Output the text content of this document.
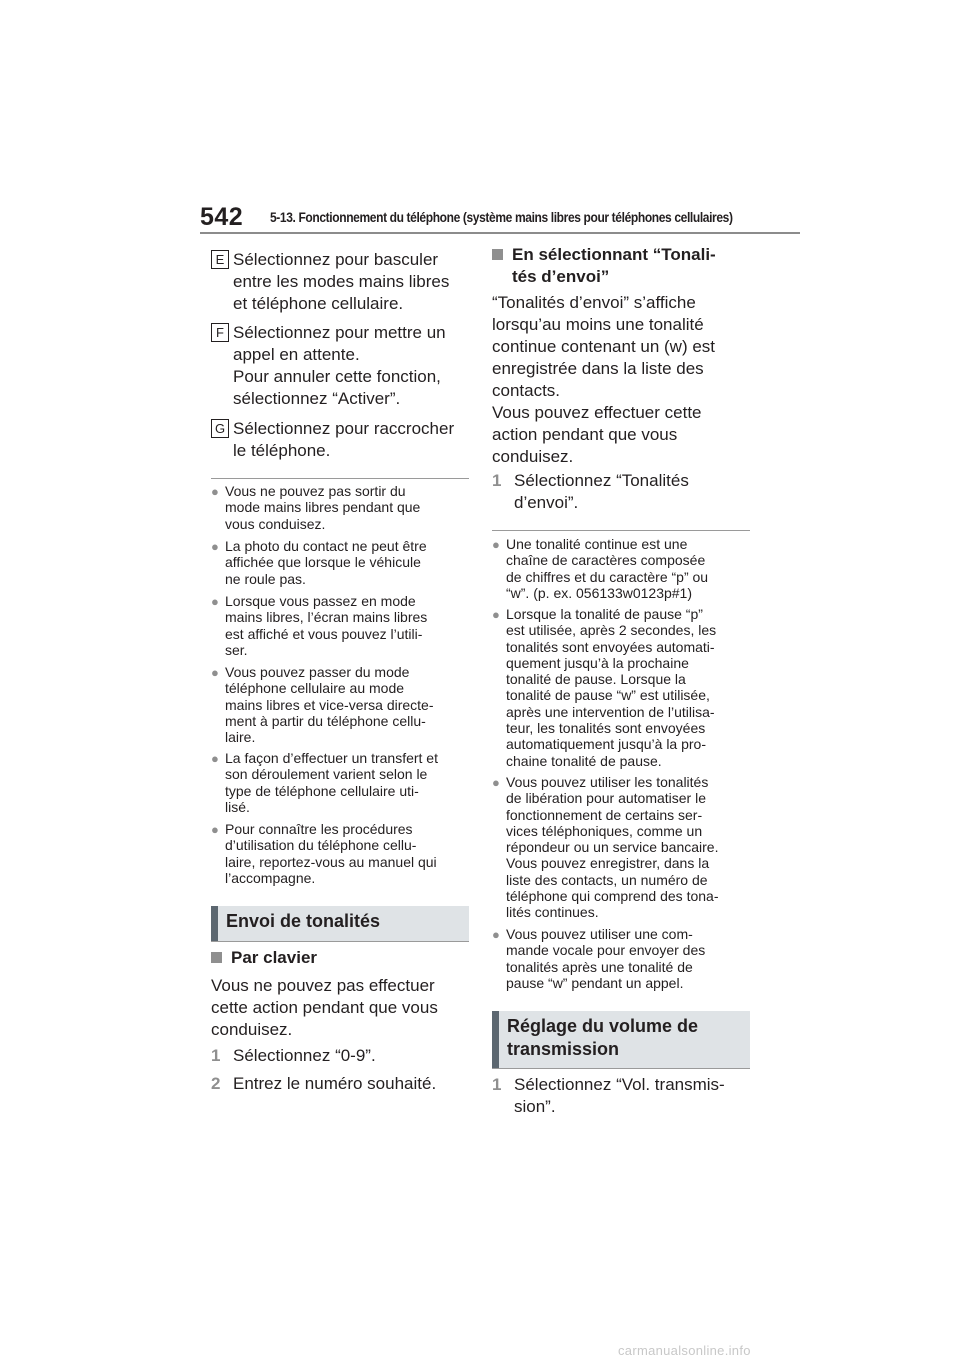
542 5-13. Fonctionnement du téléphone (système mains libres pour téléphones cellulaires)
E Sélectionnez pour basculer
entre les modes mains libres
et téléphone cellulaire.
F Sélectionnez pour mettre un
appel en attente.
Pour annuler cette fonction,
sélectionnez “Activer”.
G Sélectionnez pour raccrocher
le téléphone.
● Vous ne pouvez pas sortir du
mode mains libres pendant que
vous conduisez.
● La photo du contact ne peut être
affichée que lorsque le véhicule
ne roule pas.
● Lorsque vous passez en mode
mains libres, l’écran mains libres
est affiché et vous pouvez l’utili-
ser.
● Vous pouvez passer du mode
téléphone cellulaire au mode
mains libres et vice-versa directe-
ment à partir du téléphone cellu-
laire.
● La façon d’effectuer un transfert et
son déroulement varient selon le
type de téléphone cellulaire uti-
lisé.
● Pour connaître les procédures
d’utilisation du téléphone cellu-
laire, reportez-vous au manuel qui
l’accompagne.
Envoi de tonalités
Par clavier
Vous ne pouvez pas effectuer
cette action pendant que vous
conduisez.
1 Sélectionnez “0-9”.
2 Entrez le numéro souhaité.
En sélectionnant “Tonali-
tés d’envoi”
“Tonalités d’envoi” s’affiche
lorsqu’au moins une tonalité
continue contenant un (w) est
enregistrée dans la liste des
contacts.
Vous pouvez effectuer cette
action pendant que vous
conduisez.
1 Sélectionnez “Tonalités
d’envoi”.
● Une tonalité continue est une
chaîne de caractères composée
de chiffres et du caractère “p” ou
“w”. (p. ex. 056133w0123p#1)
● Lorsque la tonalité de pause “p”
est utilisée, après 2 secondes, les
tonalités sont envoyées automati-
quement jusqu’à la prochaine
tonalité de pause. Lorsque la
tonalité de pause “w” est utilisée,
après une intervention de l’utilisa-
teur, les tonalités sont envoyées
automatiquement jusqu’à la pro-
chaine tonalité de pause.
● Vous pouvez utiliser les tonalités
de libération pour automatiser le
fonctionnement de certains ser-
vices téléphoniques, comme un
répondeur ou un service bancaire.
Vous pouvez enregistrer, dans la
liste des contacts, un numéro de
téléphone qui comprend des tona-
lités continues.
● Vous pouvez utiliser une com-
mande vocale pour envoyer des
tonalités après une tonalité de
pause “w” pendant un appel.
Réglage du volume de
transmission
1 Sélectionnez “Vol. transmis-
sion”.
carmanualsonline.info
